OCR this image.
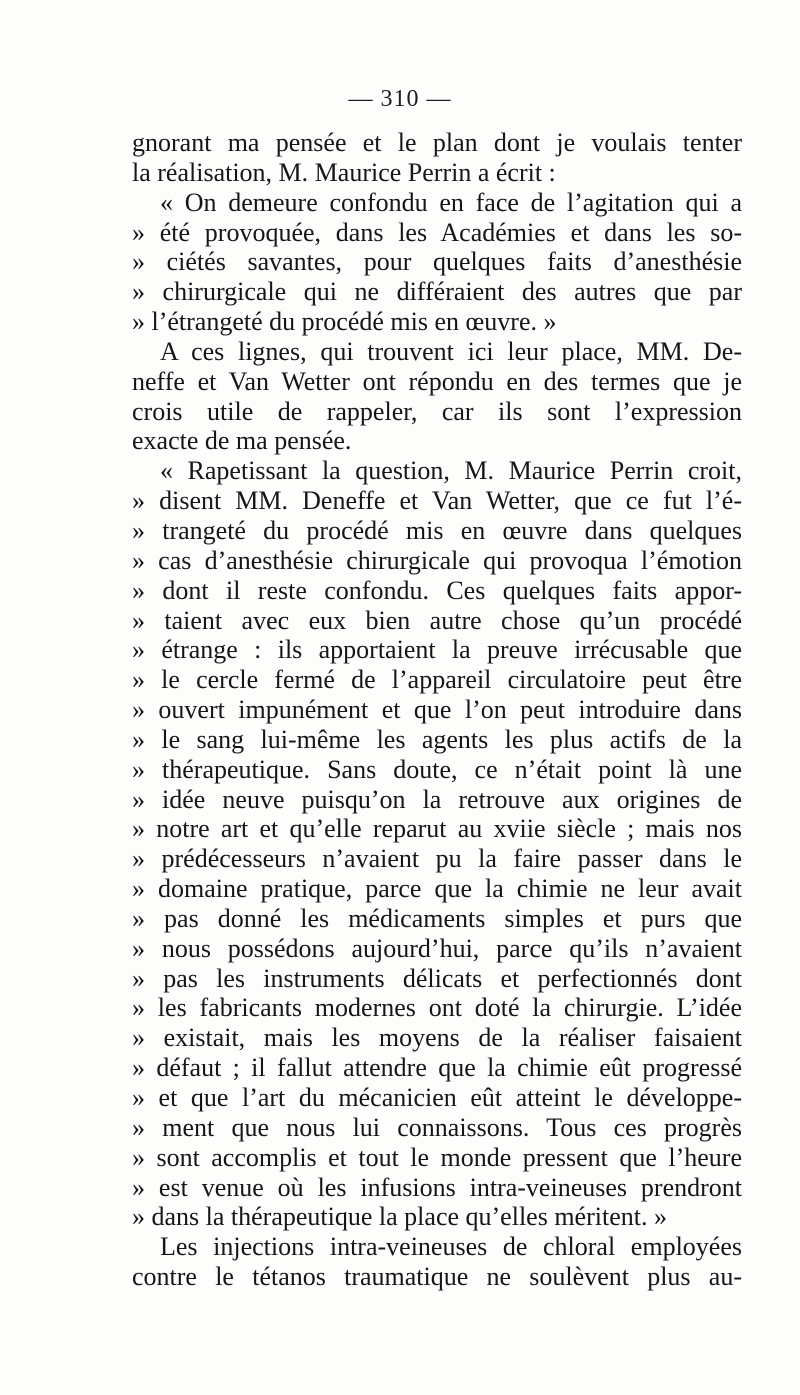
— 310 —
gnorant ma pensée et le plan dont je voulais tenter
la réalisation, M. Maurice Perrin a écrit :
« On demeure confondu en face de l’agitation qui a
» été provoquée, dans les Académies et dans les so-
» ciétés savantes, pour quelques faits d’anesthésie
» chirurgicale qui ne différaient des autres que par
» l’étrangeté du procédé mis en œuvre. »
A ces lignes, qui trouvent ici leur place, MM. De-
neffe et Van Wetter ont répondu en des termes que je
crois utile de rappeler, car ils sont l’expression
exacte de ma pensée.
« Rapetissant la question, M. Maurice Perrin croit,
» disent MM. Deneffe et Van Wetter, que ce fut l’é-
» trangeté du procédé mis en œuvre dans quelques
» cas d’anesthésie chirurgicale qui provoqua l’émotion
» dont il reste confondu. Ces quelques faits appor-
» taient avec eux bien autre chose qu’un procédé
» étrange : ils apportaient la preuve irrécusable que
» le cercle fermé de l’appareil circulatoire peut être
» ouvert impunément et que l’on peut introduire dans
» le sang lui-même les agents les plus actifs de la
» thérapeutique. Sans doute, ce n’était point là une
» idée neuve puisqu’on la retrouve aux origines de
» notre art et qu’elle reparut au xviie siècle ; mais nos
» prédécesseurs n’avaient pu la faire passer dans le
» domaine pratique, parce que la chimie ne leur avait
» pas donné les médicaments simples et purs que
» nous possédons aujourd’hui, parce qu’ils n’avaient
» pas les instruments délicats et perfectionnés dont
» les fabricants modernes ont doté la chirurgie. L’idée
» existait, mais les moyens de la réaliser faisaient
» défaut ; il fallut attendre que la chimie eût progressé
» et que l’art du mécanicien eût atteint le développe-
» ment que nous lui connaissons. Tous ces progrès
» sont accomplis et tout le monde pressent que l’heure
» est venue où les infusions intra-veineuses prendront
» dans la thérapeutique la place qu’elles méritent. »
Les injections intra-veineuses de chloral employées
contre le tétanos traumatique ne soulèvent plus au-
